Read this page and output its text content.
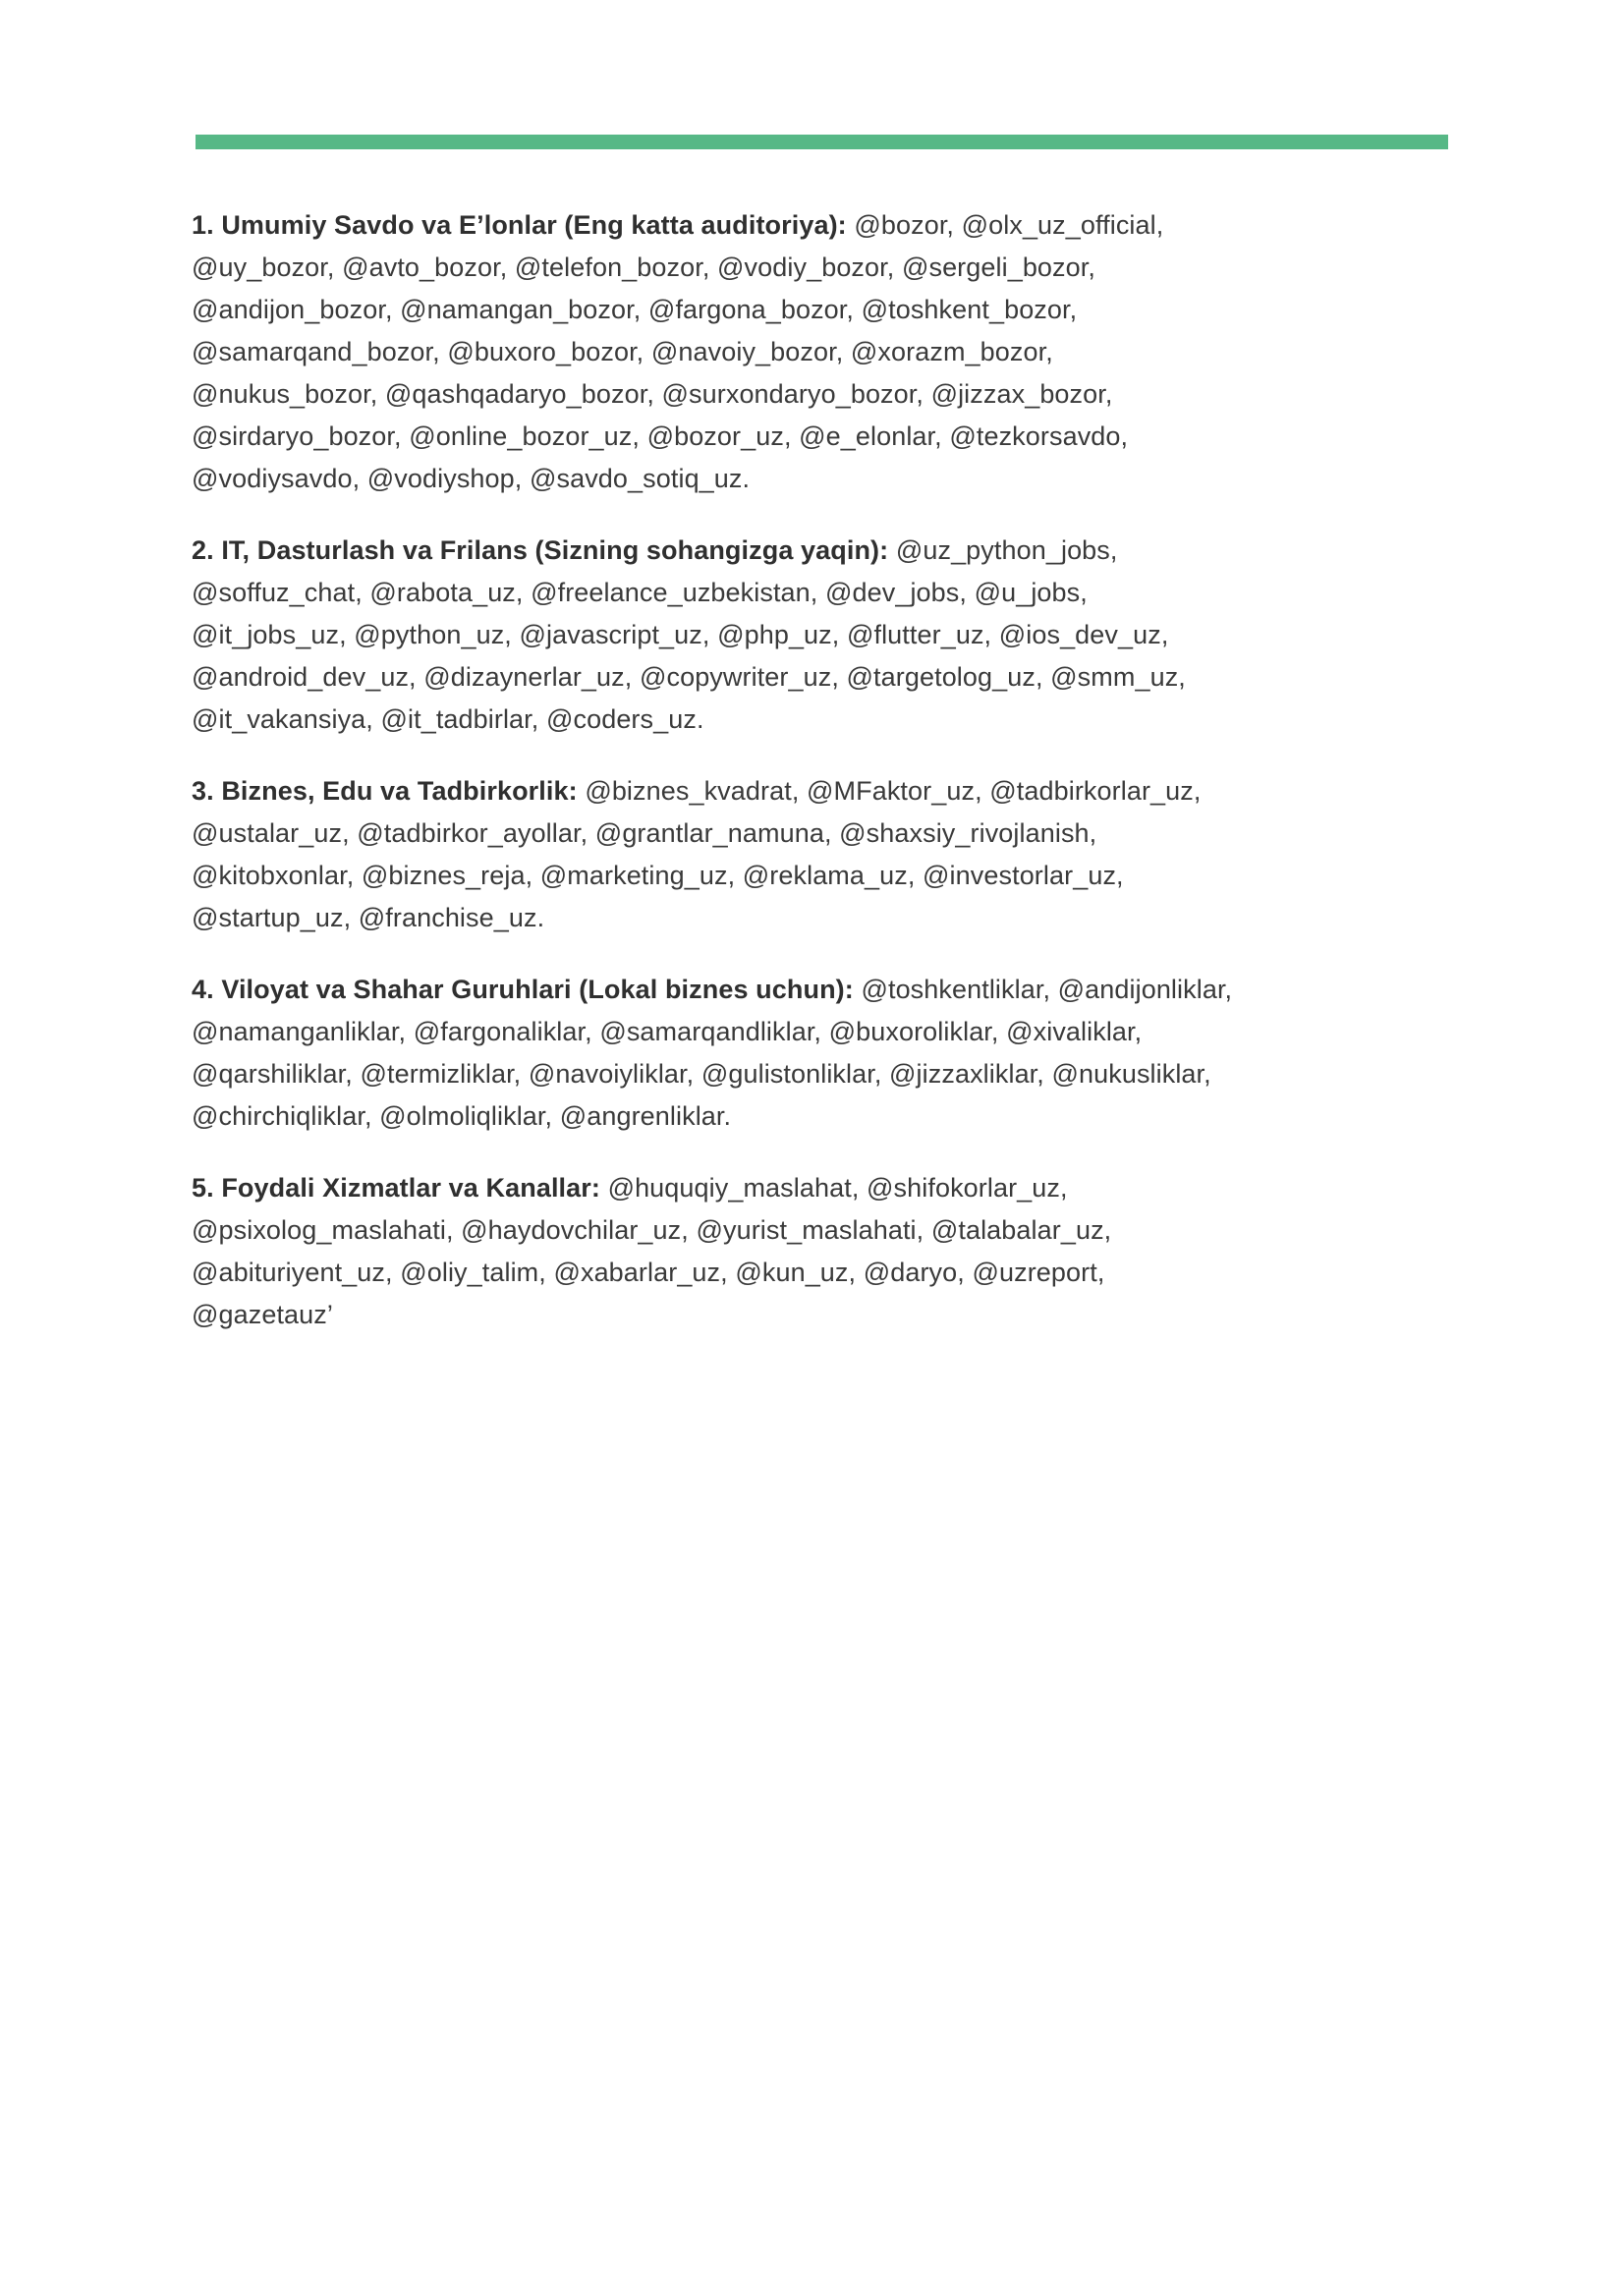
1. Umumiy Savdo va E’lonlar (Eng katta auditoriya): @bozor, @olx_uz_official, @uy_bozor, @avto_bozor, @telefon_bozor, @vodiy_bozor, @sergeli_bozor, @andijon_bozor, @namangan_bozor, @fargona_bozor, @toshkent_bozor, @samarqand_bozor, @buxoro_bozor, @navoiy_bozor, @xorazm_bozor, @nukus_bozor, @qashqadaryo_bozor, @surxondaryo_bozor, @jizzax_bozor, @sirdaryo_bozor, @online_bozor_uz, @bozor_uz, @e_elonlar, @tezkorsavdo, @vodiysavdo, @vodiyshop, @savdo_sotiq_uz.

2. IT, Dasturlash va Frilans (Sizning sohangizga yaqin): @uz_python_jobs, @soffuz_chat, @rabota_uz, @freelance_uzbekistan, @dev_jobs, @u_jobs, @it_jobs_uz, @python_uz, @javascript_uz, @php_uz, @flutter_uz, @ios_dev_uz, @android_dev_uz, @dizaynerlar_uz, @copywriter_uz, @targetolog_uz, @smm_uz, @it_vakansiya, @it_tadbirlar, @coders_uz.

3. Biznes, Edu va Tadbirkorlik: @biznes_kvadrat, @MFaktor_uz, @tadbirkorlar_uz, @ustalar_uz, @tadbirkor_ayollar, @grantlar_namuna, @shaxsiy_rivojlanish, @kitobxonlar, @biznes_reja, @marketing_uz, @reklama_uz, @investorlar_uz, @startup_uz, @franchise_uz.

4. Viloyat va Shahar Guruhlari (Lokal biznes uchun): @toshkentliklar, @andijonliklar, @namanganliklar, @fargonaliklar, @samarqandliklar, @buxoroliklar, @xivaliklar, @qarshiliklar, @termizliklar, @navoiyliklar, @gulistonliklar, @jizzaxliklar, @nukusliklar, @chirchiqliklar, @olmoliqliklar, @angrenliklar.

5. Foydali Xizmatlar va Kanallar: @huquqiy_maslahat, @shifokorlar_uz, @psixolog_maslahati, @haydovchilar_uz, @yurist_maslahati, @talabalar_uz, @abituriyent_uz, @oliy_talim, @xabarlar_uz, @kun_uz, @daryo, @uzreport, @gazetauz’
